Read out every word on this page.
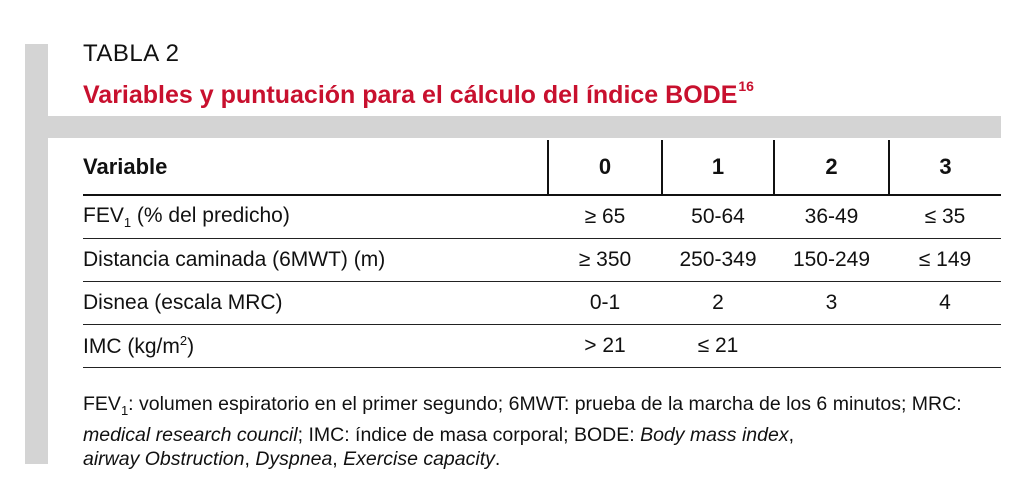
TABLA 2
Variables y puntuación para el cálculo del índice BODE$^{16}$
Variable	0	1	2	3
$FEV_1$ (% del predicho)	≥ 65	50-64	36-49	≤ 35
Distancia caminada (6MWT) (m)	≥ 350	250-349	150-249	≤ 149
Disnea (escala MRC)	0-1	2	3	4
IMC $(kg/m^2)$	> 21	≤ 21		
$FEV_1$: volumen espiratorio en el primer segundo; 6MWT: prueba de la marcha de los 6 minutos; MRC: medical research council; IMC: índice de masa corporal; BODE: Body mass index,
airway Obstruction, Dyspnea, Exercise capacity.
